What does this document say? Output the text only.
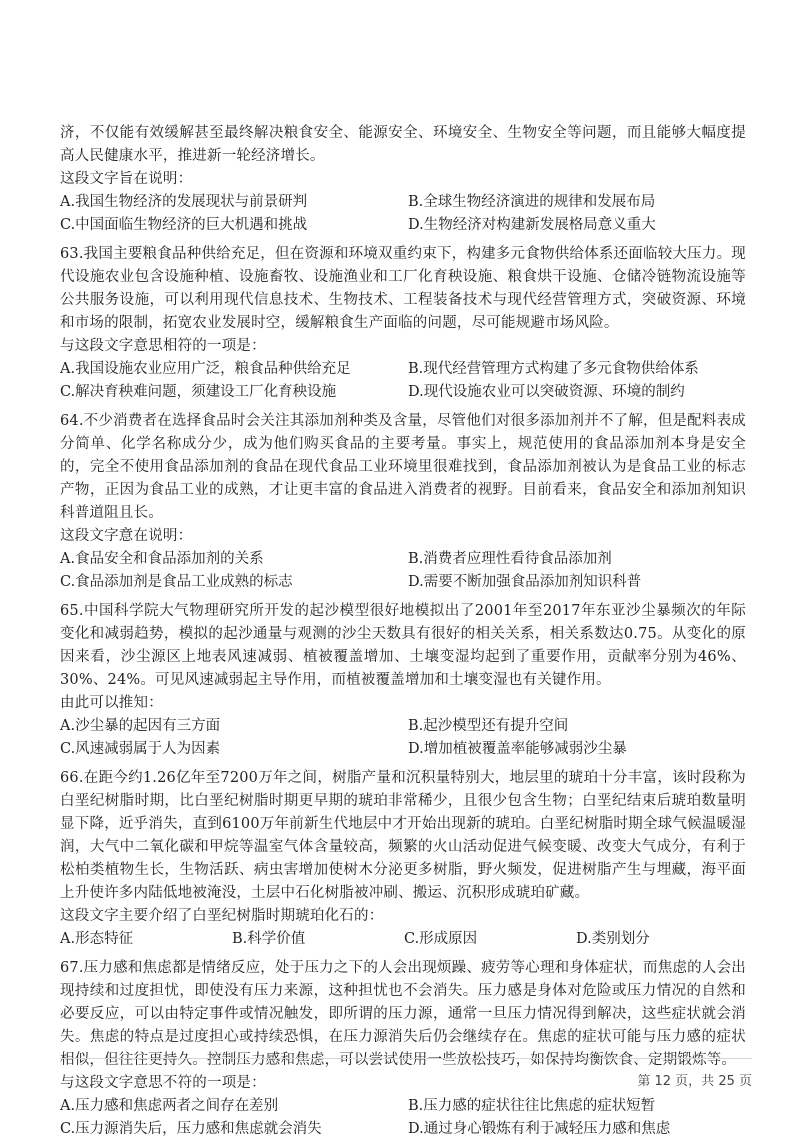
济，不仅能有效缓解甚至最终解决粮食安全、能源安全、环境安全、生物安全等问题，而且能够大幅度提高人民健康水平，推进新一轮经济增长。

这段文字旨在说明：

A.我国生物经济的发展现状与前景研判	B.全球生物经济演进的规律和发展布局
C.中国面临生物经济的巨大机遇和挑战	D.生物经济对构建新发展格局意义重大

63.我国主要粮食品种供给充足，但在资源和环境双重约束下，构建多元食物供给体系还面临较大压力。现代设施农业包含设施种植、设施畜牧、设施渔业和工厂化育秧设施、粮食烘干设施、仓储冷链物流设施等公共服务设施，可以利用现代信息技术、生物技术、工程装备技术与现代经营管理方式，突破资源、环境和市场的限制，拓宽农业发展时空，缓解粮食生产面临的问题，尽可能规避市场风险。

与这段文字意思相符的一项是：

A.我国设施农业应用广泛，粮食品种供给充足	B.现代经营管理方式构建了多元食物供给体系
C.解决育秧难问题，须建设工厂化育秧设施	D.现代设施农业可以突破资源、环境的制约

64.不少消费者在选择食品时会关注其添加剂种类及含量，尽管他们对很多添加剂并不了解，但是配料表成分简单、化学名称成分少，成为他们购买食品的主要考量。事实上，规范使用的食品添加剂本身是安全的，完全不使用食品添加剂的食品在现代食品工业环境里很难找到，食品添加剂被认为是食品工业的标志产物，正因为食品工业的成熟，才让更丰富的食品进入消费者的视野。目前看来，食品安全和添加剂知识科普道阻且长。

这段文字意在说明：

A.食品安全和食品添加剂的关系	B.消费者应理性看待食品添加剂
C.食品添加剂是食品工业成熟的标志	D.需要不断加强食品添加剂知识科普

65.中国科学院大气物理研究所开发的起沙模型很好地模拟出了2001年至2017年东亚沙尘暴频次的年际变化和减弱趋势，模拟的起沙通量与观测的沙尘天数具有很好的相关关系，相关系数达0.75。从变化的原因来看，沙尘源区上地表风速减弱、植被覆盖增加、土壤变湿均起到了重要作用，贡献率分别为46%、30%、24%。可见风速减弱起主导作用，而植被覆盖增加和土壤变湿也有关键作用。

由此可以推知：

A.沙尘暴的起因有三方面	B.起沙模型还有提升空间
C.风速减弱属于人为因素	D.增加植被覆盖率能够减弱沙尘暴

66.在距今约1.26亿年至7200万年之间，树脂产量和沉积量特别大，地层里的琥珀十分丰富，该时段称为白垩纪树脂时期，比白垩纪树脂时期更早期的琥珀非常稀少，且很少包含生物；白垩纪结束后琥珀数量明显下降，近乎消失，直到6100万年前新生代地层中才开始出现新的琥珀。白垩纪树脂时期全球气候温暖湿润，大气中二氧化碳和甲烷等温室气体含量较高，频繁的火山活动促进气候变暖、改变大气成分，有利于松柏类植物生长，生物活跃、病虫害增加使树木分泌更多树脂，野火频发，促进树脂产生与埋藏，海平面上升使许多内陆低地被淹没，土层中石化树脂被冲刷、搬运、沉积形成琥珀矿藏。

这段文字主要介绍了白垩纪树脂时期琥珀化石的：

A.形态特征	B.科学价值	C.形成原因	D.类别划分

67.压力感和焦虑都是情绪反应，处于压力之下的人会出现烦躁、疲劳等心理和身体症状，而焦虑的人会出现持续和过度担忧，即使没有压力来源，这种担忧也不会消失。压力感是身体对危险或压力情况的自然和必要反应，可以由特定事件或情况触发，即所谓的压力源，通常一旦压力情况得到解决，这些症状就会消失。焦虑的特点是过度担心或持续恐惧，在压力源消失后仍会继续存在。焦虑的症状可能与压力感的症状相似，但往往更持久。控制压力感和焦虑，可以尝试使用一些放松技巧，如保持均衡饮食、定期锻炼等。

与这段文字意思不符的一项是：

A.压力感和焦虑两者之间存在差别	B.压力感的症状往往比焦虑的症状短暂
C.压力源消失后，压力感和焦虑就会消失	D.通过身心锻炼有利于减轻压力感和焦虑
第 12 页，共 25 页
